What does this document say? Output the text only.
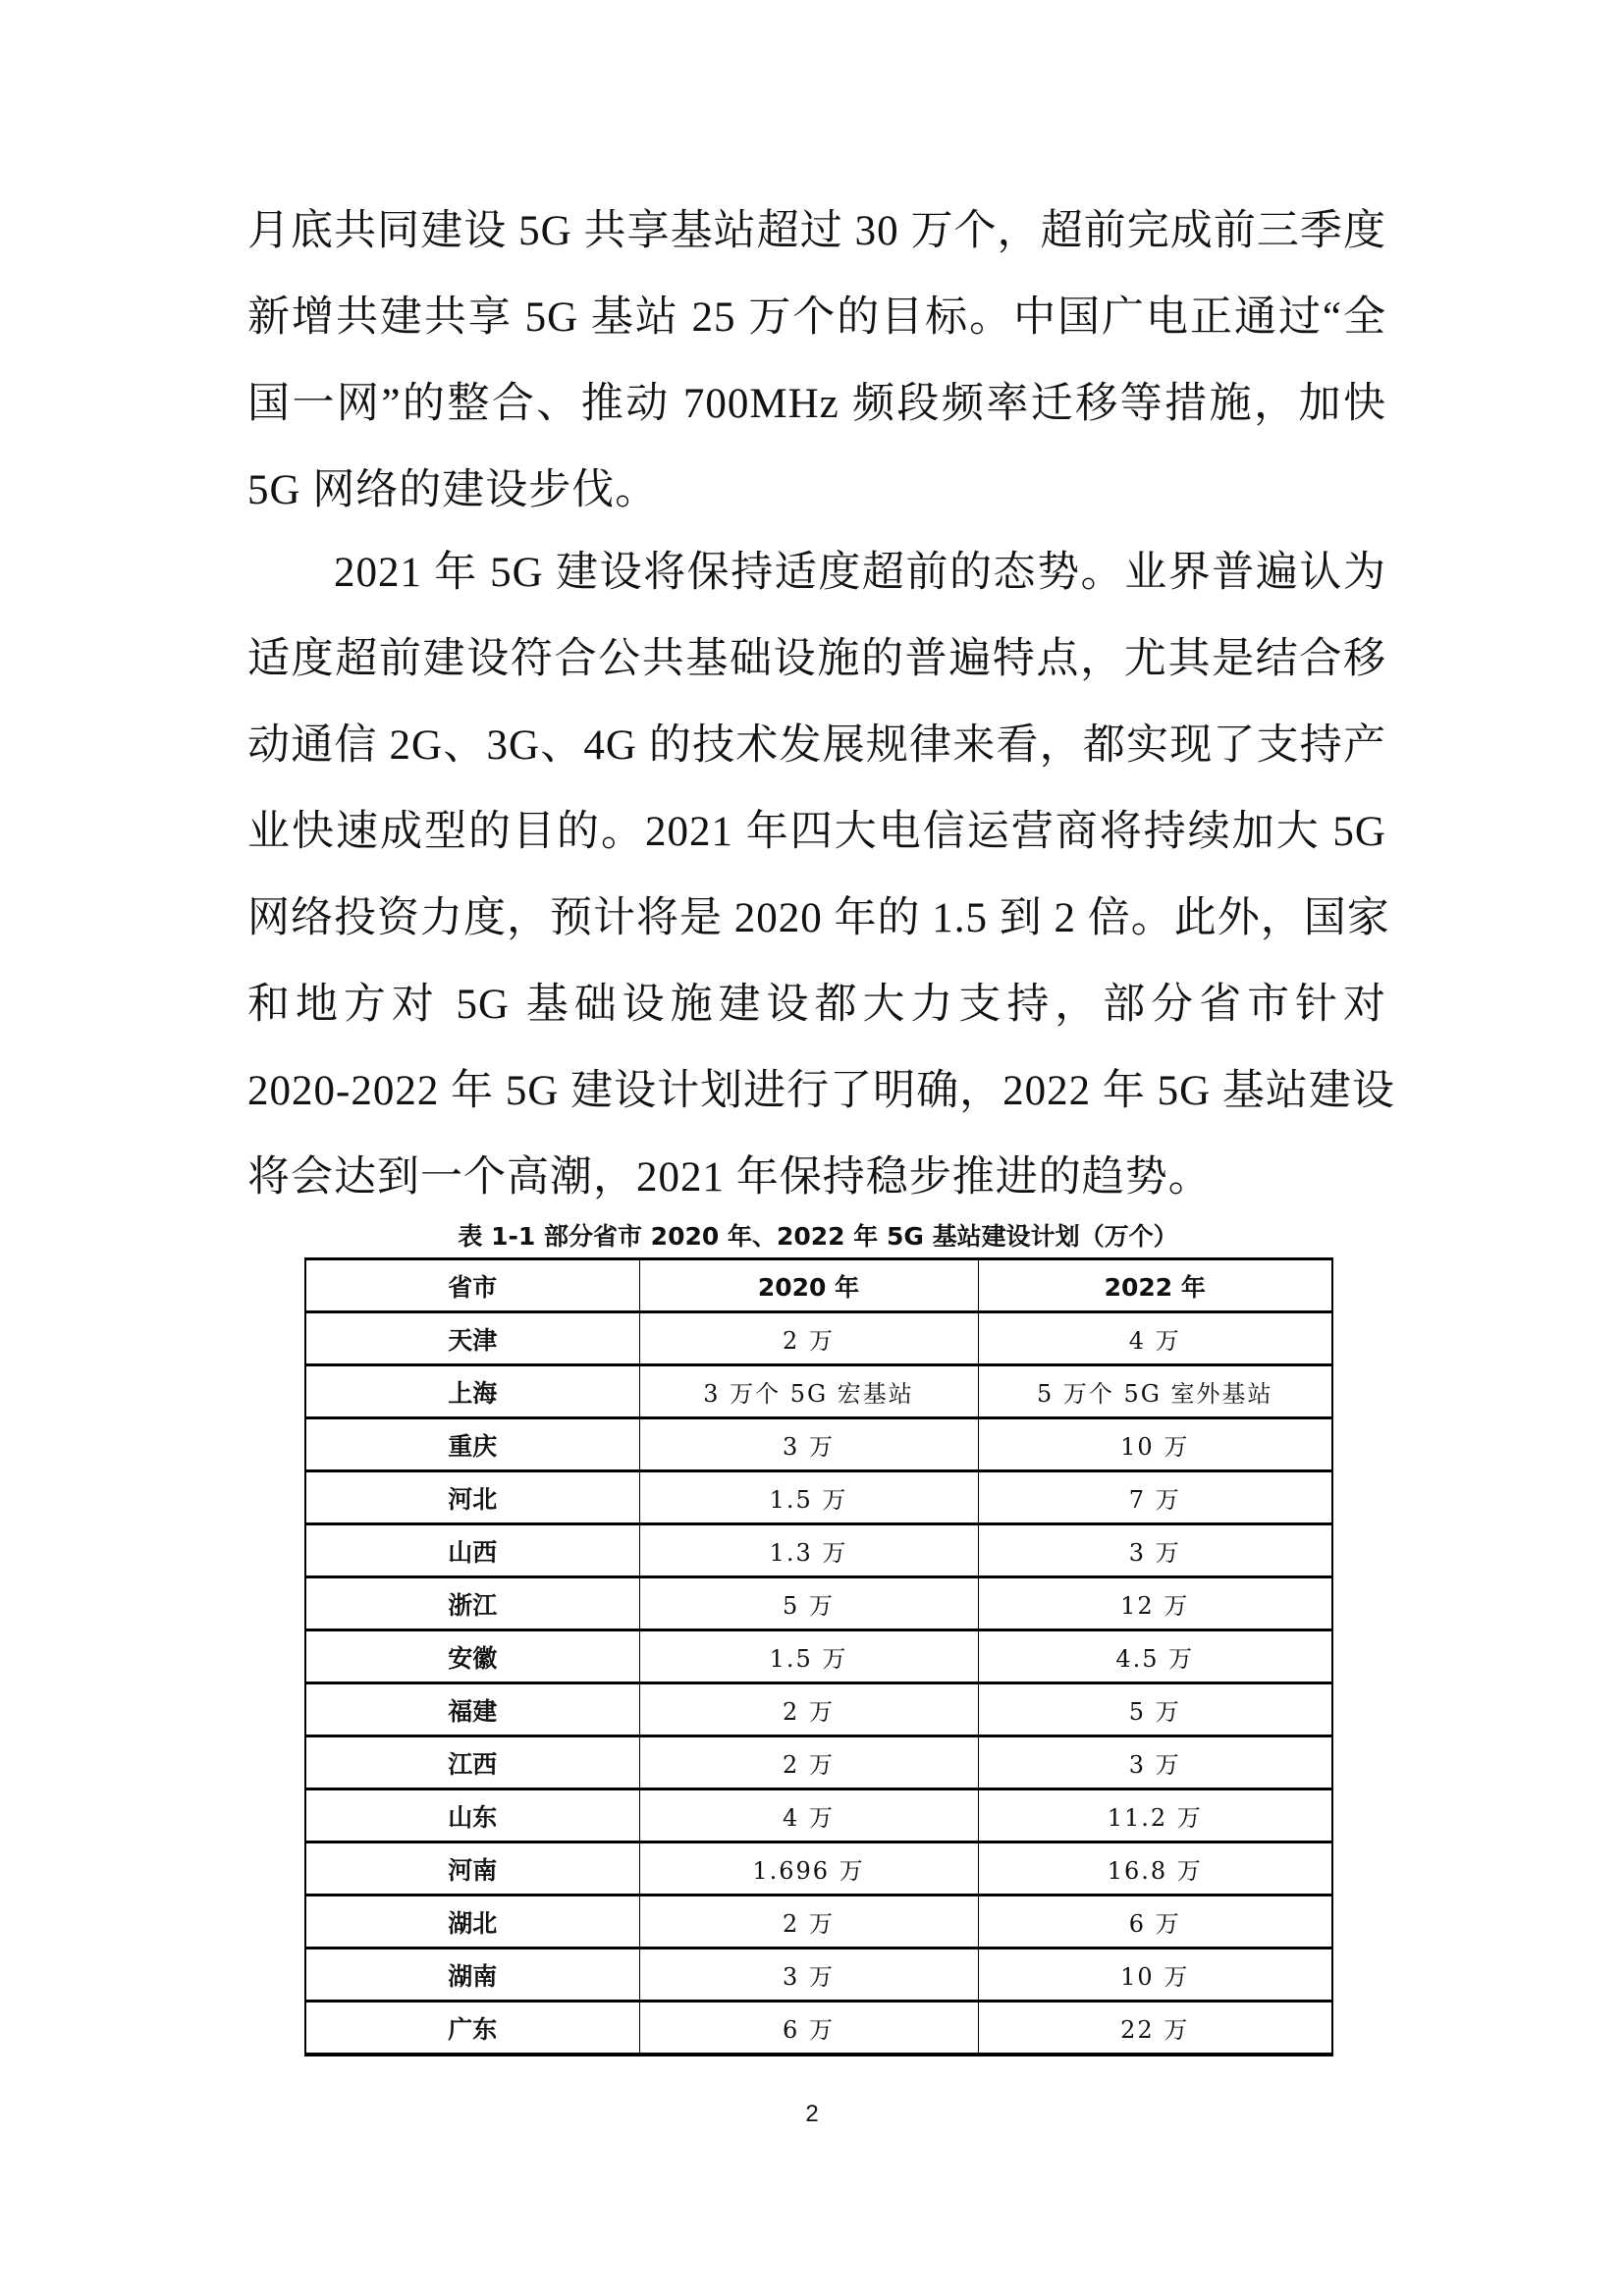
月底共同建设 5G 共享基站超过 30 万个，超前完成前三季度
新增共建共享 5G 基站 25 万个的目标。中国广电正通过“全
国一网”的整合、推动 700MHz 频段频率迁移等措施，加快
5G 网络的建设步伐。
2021 年 5G 建设将保持适度超前的态势。业界普遍认为
适度超前建设符合公共基础设施的普遍特点，尤其是结合移
动通信 2G、3G、4G 的技术发展规律来看，都实现了支持产
业快速成型的目的。2021 年四大电信运营商将持续加大 5G
网络投资力度，预计将是 2020 年的 1.5 到 2 倍。此外，国家
和地方对 5G 基础设施建设都大力支持，部分省市针对
2020-2022 年 5G 建设计划进行了明确，2022 年 5G 基站建设
将会达到一个高潮，2021 年保持稳步推进的趋势。
表 1-1 部分省市 2020 年、2022 年 5G 基站建设计划（万个）
省市	2020 年	2022 年
天津	2 万	4 万
上海	3 万个 5G 宏基站	5 万个 5G 室外基站
重庆	3 万	10 万
河北	1.5 万	7 万
山西	1.3 万	3 万
浙江	5 万	12 万
安徽	1.5 万	4.5 万
福建	2 万	5 万
江西	2 万	3 万
山东	4 万	11.2 万
河南	1.696 万	16.8 万
湖北	2 万	6 万
湖南	3 万	10 万
广东	6 万	22 万
2
